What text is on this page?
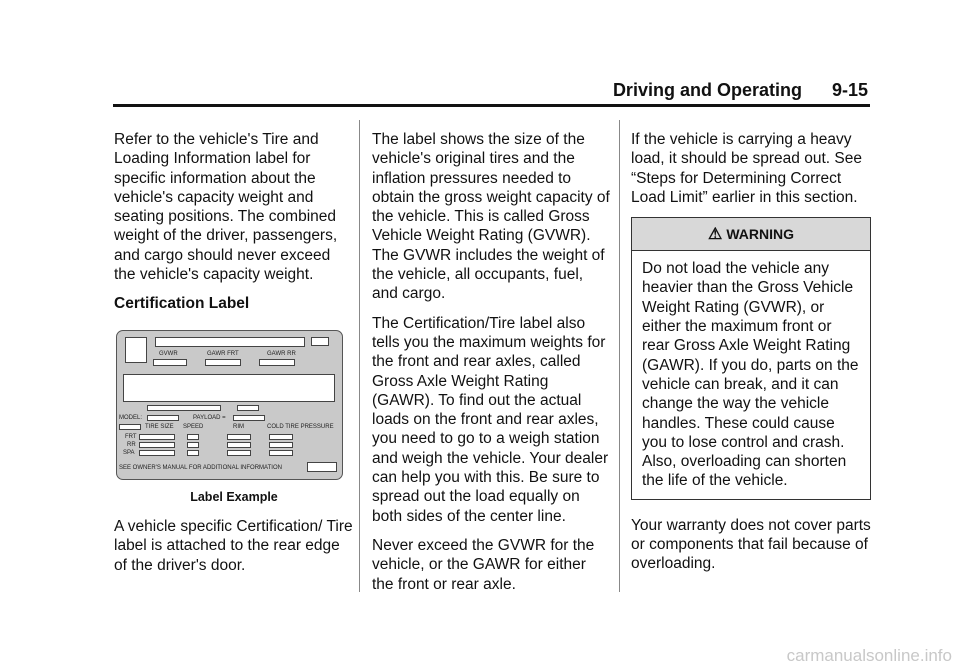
Driving and Operating 9-15

Refer to the vehicle's Tire and Loading Information label for specific information about the vehicle's capacity weight and seating positions. The combined weight of the driver, passengers, and cargo should never exceed the vehicle's capacity weight.

Certification Label

GVWR	GAWR FRT	GAWR RR
MODEL:	PAYLOAD =
TIRE SIZE SPEED	RIM	COLD TIRE PRESSURE
FRT
RR
SPA
SEE OWNER'S MANUAL FOR ADDITIONAL INFORMATION

Label Example

A vehicle specific Certification/ Tire label is attached to the rear edge of the driver's door.

The label shows the size of the vehicle's original tires and the inflation pressures needed to obtain the gross weight capacity of the vehicle. This is called Gross Vehicle Weight Rating (GVWR). The GVWR includes the weight of the vehicle, all occupants, fuel, and cargo.

The Certification/Tire label also tells you the maximum weights for the front and rear axles, called Gross Axle Weight Rating (GAWR). To find out the actual loads on the front and rear axles, you need to go to a weigh station and weigh the vehicle. Your dealer can help you with this. Be sure to spread out the load equally on both sides of the center line.

Never exceed the GVWR for the vehicle, or the GAWR for either the front or rear axle.

If the vehicle is carrying a heavy load, it should be spread out. See “Steps for Determining Correct Load Limit” earlier in this section.

⚠ WARNING
Do not load the vehicle any heavier than the Gross Vehicle Weight Rating (GVWR), or either the maximum front or rear Gross Axle Weight Rating (GAWR). If you do, parts on the vehicle can break, and it can change the way the vehicle handles. These could cause you to lose control and crash. Also, overloading can shorten the life of the vehicle.

Your warranty does not cover parts or components that fail because of overloading.

carmanualsonline.info
